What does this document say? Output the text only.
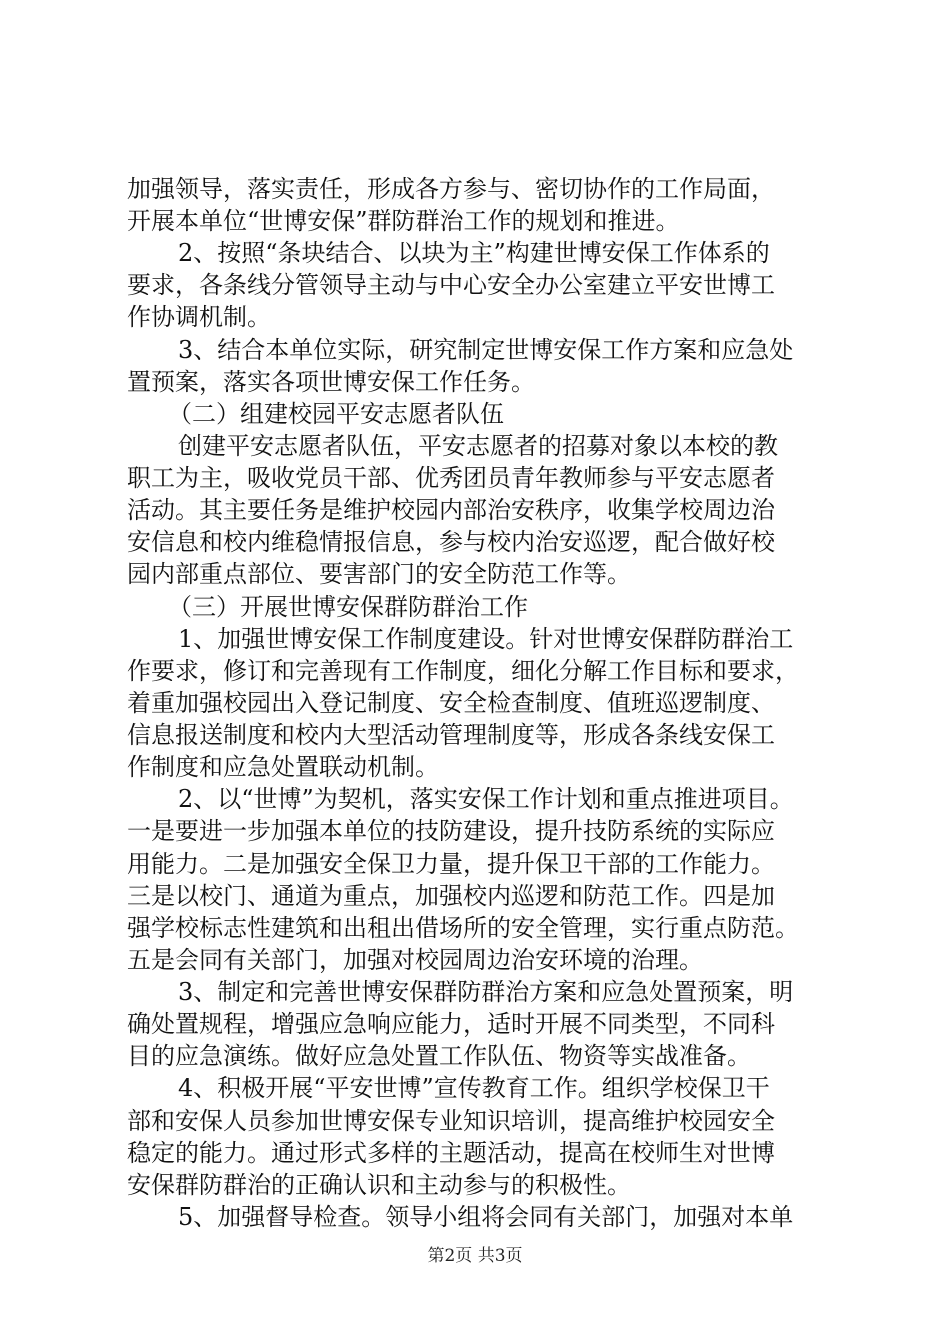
加强领导，落实责任，形成各方参与、密切协作的工作局面，
开展本单位“世博安保”群防群治工作的规划和推进。
2、按照“条块结合、以块为主”构建世博安保工作体系的
要求，各条线分管领导主动与中心安全办公室建立平安世博工
作协调机制。
3、结合本单位实际，研究制定世博安保工作方案和应急处
置预案，落实各项世博安保工作任务。
（二）组建校园平安志愿者队伍
创建平安志愿者队伍，平安志愿者的招募对象以本校的教
职工为主，吸收党员干部、优秀团员青年教师参与平安志愿者
活动。其主要任务是维护校园内部治安秩序，收集学校周边治
安信息和校内维稳情报信息，参与校内治安巡逻，配合做好校
园内部重点部位、要害部门的安全防范工作等。
（三）开展世博安保群防群治工作
1、加强世博安保工作制度建设。针对世博安保群防群治工
作要求，修订和完善现有工作制度，细化分解工作目标和要求，
着重加强校园出入登记制度、安全检查制度、值班巡逻制度、
信息报送制度和校内大型活动管理制度等，形成各条线安保工
作制度和应急处置联动机制。
2、以“世博”为契机，落实安保工作计划和重点推进项目。
一是要进一步加强本单位的技防建设，提升技防系统的实际应
用能力。二是加强安全保卫力量，提升保卫干部的工作能力。
三是以校门、通道为重点，加强校内巡逻和防范工作。四是加
强学校标志性建筑和出租出借场所的安全管理，实行重点防范。
五是会同有关部门，加强对校园周边治安环境的治理。
3、制定和完善世博安保群防群治方案和应急处置预案，明
确处置规程，增强应急响应能力，适时开展不同类型，不同科
目的应急演练。做好应急处置工作队伍、物资等实战准备。
4、积极开展“平安世博”宣传教育工作。组织学校保卫干
部和安保人员参加世博安保专业知识培训，提高维护校园安全
稳定的能力。通过形式多样的主题活动，提高在校师生对世博
安保群防群治的正确认识和主动参与的积极性。
5、加强督导检查。领导小组将会同有关部门，加强对本单
第2页 共3页
